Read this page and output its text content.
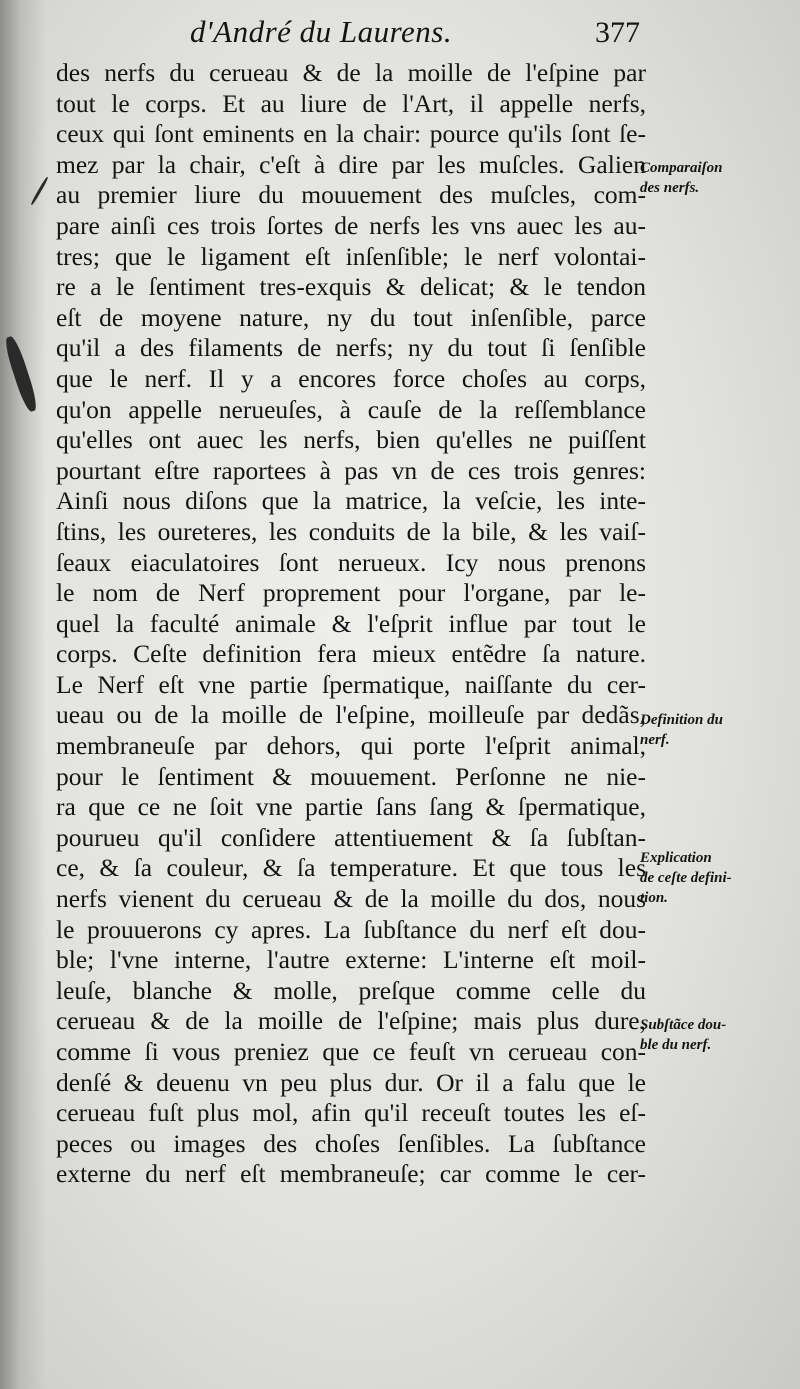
d'André du Laurens.	377
des nerfs du cerueau & de la moille de l'eſpine par
tout le corps. Et au liure de l'Art, il appelle nerfs,
ceux qui ſont eminents en la chair: pource qu'ils ſont ſe-
mez par la chair, c'eſt à dire par les muſcles. Galien
au premier liure du mouuement des muſcles, com-
pare ainſi ces trois ſortes de nerfs les vns auec les au-
tres; que le ligament eſt inſenſible; le nerf volontai-
re a le ſentiment tres-exquis & delicat; & le tendon
eſt de moyene nature, ny du tout inſenſible, parce
qu'il a des filaments de nerfs; ny du tout ſi ſenſible
que le nerf. Il y a encores force choſes au corps,
qu'on appelle nerueuſes, à cauſe de la reſſemblance
qu'elles ont auec les nerfs, bien qu'elles ne puiſſent
pourtant eſtre raportees à pas vn de ces trois genres:
Ainſi nous diſons que la matrice, la veſcie, les inte-
ſtins, les oureteres, les conduits de la bile, & les vaiſ-
ſeaux eiaculatoires ſont nerueux. Icy nous prenons
le nom de Nerf proprement pour l'organe, par le-
quel la faculté animale & l'eſprit influe par tout le
corps. Ceſte definition fera mieux entẽdre ſa nature.
Le Nerf eſt vne partie ſpermatique, naiſſante du cer-
ueau ou de la moille de l'eſpine, moilleuſe par dedãs,
membraneuſe par dehors, qui porte l'eſprit animal,
pour le ſentiment & mouuement. Perſonne ne nie-
ra que ce ne ſoit vne partie ſans ſang & ſpermatique,
pourueu qu'il conſidere attentiuement & ſa ſubſtan-
ce, & ſa couleur, & ſa temperature. Et que tous les
nerfs vienent du cerueau & de la moille du dos, nous
le prouuerons cy apres. La ſubſtance du nerf eſt dou-
ble; l'vne interne, l'autre externe: L'interne eſt moil-
leuſe, blanche & molle, preſque comme celle du
cerueau & de la moille de l'eſpine; mais plus dure,
comme ſi vous preniez que ce feuſt vn cerueau con-
denſé & deuenu vn peu plus dur. Or il a falu que le
cerueau fuſt plus mol, afin qu'il receuſt toutes les eſ-
peces ou images des choſes ſenſibles. La ſubſtance
externe du nerf eſt membraneuſe; car comme le cer-
Comparaiſon
des nerfs.
Definition du
nerf.
Explication
de ceſte defini-
tion.
Subſtãce dou-
ble du nerf.
